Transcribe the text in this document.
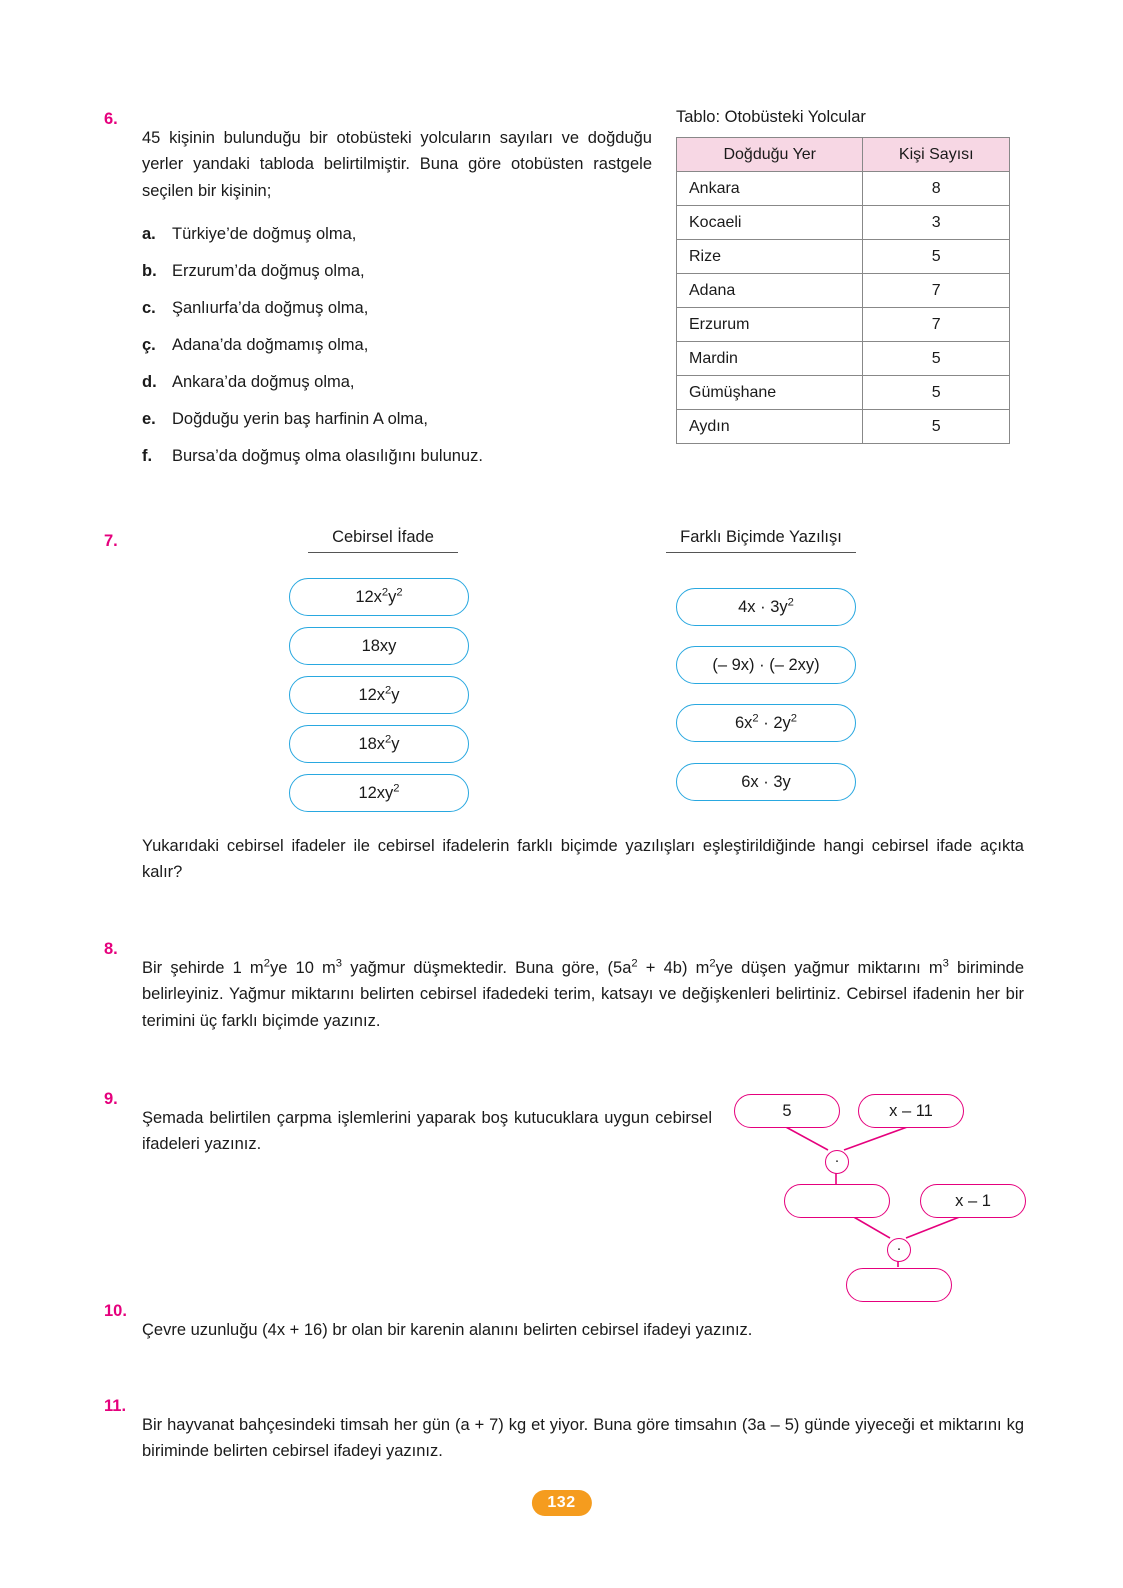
6.

45 kişinin bulunduğu bir otobüsteki yolcuların sayıları ve doğduğu yerler yandaki tabloda belirtilmiştir. Buna göre otobüsten rastgele seçilen bir kişinin;

a. Türkiye’de doğmuş olma,
b. Erzurum’da doğmuş olma,
c. Şanlıurfa’da doğmuş olma,
ç. Adana’da doğmamış olma,
d. Ankara’da doğmuş olma,
e. Doğduğu yerin baş harfinin A olma,
f. Bursa’da doğmuş olma olasılığını bulunuz.
Tablo: Otobüsteki Yolcular
Doğduğu Yer	Kişi Sayısı
Ankara	8
Kocaeli	3
Rize	5
Adana	7
Erzurum	7
Mardin	5
Gümüşhane	5
Aydın	5
7.	Cebirsel İfade	Farklı Biçimde Yazılışı
$12x^2y^2$
18xy
$12x^2y$
$18x^2y$
$12xy^2$
$4x \cdot 3y^2$
(– 9x) · (– 2xy)
$6x^2 \cdot 2y^2$
6x · 3y

Yukarıdaki cebirsel ifadeler ile cebirsel ifadelerin farklı biçimde yazılışları eşleştirildiğinde hangi cebirsel ifade açıkta kalır?

8.

Bir şehirde 1 $m^2ye$ 10 $m^3$ yağmur düşmektedir. Buna göre, $(5a^2 + 4b)$ $m^2ye$ düşen yağmur miktarını $m^3$ biriminde belirleyiniz. Yağmur miktarını belirten cebirsel ifadedeki terim, katsayı ve değişkenleri belirtiniz. Cebirsel ifadenin her bir terimini üç farklı biçimde yazınız.

9.

Şemada belirtilen çarpma işlemlerini yaparak boş kutucuklara uygun cebirsel ifadeleri yazınız.

5	x – 11
·
x – 1
·
10.

Çevre uzunluğu (4x + 16) br olan bir karenin alanını belirten cebirsel ifadeyi yazınız.

11.

Bir hayvanat bahçesindeki timsah her gün (a + 7) kg et yiyor. Buna göre timsahın (3a – 5) günde yiyeceği et miktarını kg biriminde belirten cebirsel ifadeyi yazınız.

132
